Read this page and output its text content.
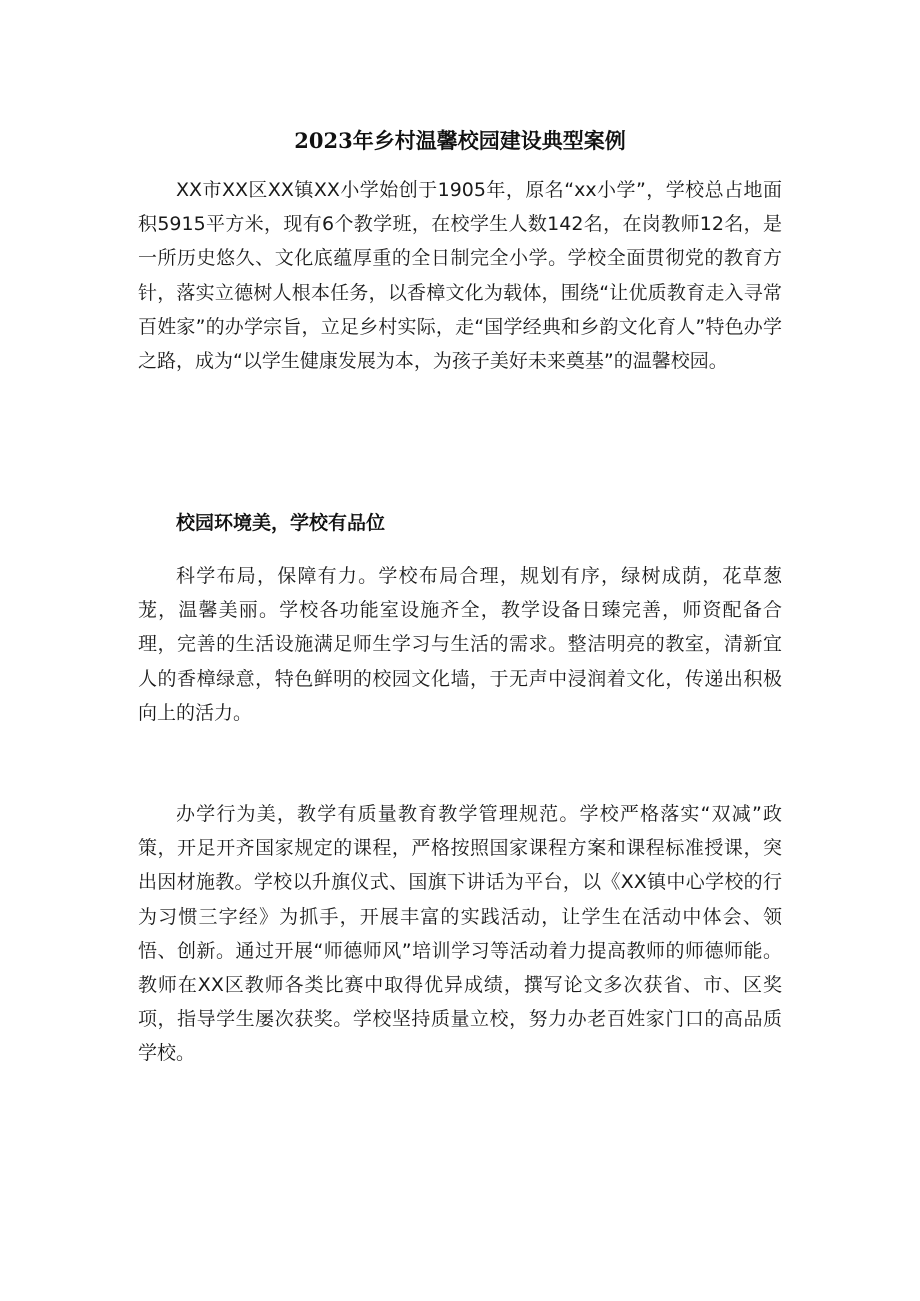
2023年乡村温馨校园建设典型案例

XX市XX区XX镇XX小学始创于1905年，原名“xx小学”，学校总占地面积5915平方米，现有6个教学班，在校学生人数142名，在岗教师12名，是一所历史悠久、文化底蕴厚重的全日制完全小学。学校全面贯彻党的教育方针，落实立德树人根本任务，以香樟文化为载体，围绕“让优质教育走入寻常百姓家”的办学宗旨，立足乡村实际，走“国学经典和乡韵文化育人”特色办学之路，成为“以学生健康发展为本，为孩子美好未来奠基”的温馨校园。

校园环境美，学校有品位

科学布局，保障有力。学校布局合理，规划有序，绿树成荫，花草葱茏，温馨美丽。学校各功能室设施齐全，教学设备日臻完善，师资配备合理，完善的生活设施满足师生学习与生活的需求。整洁明亮的教室，清新宜人的香樟绿意，特色鲜明的校园文化墙，于无声中浸润着文化，传递出积极向上的活力。

办学行为美，教学有质量教育教学管理规范。学校严格落实“双减”政策，开足开齐国家规定的课程，严格按照国家课程方案和课程标准授课，突出因材施教。学校以升旗仪式、国旗下讲话为平台，以《XX镇中心学校的行为习惯三字经》为抓手，开展丰富的实践活动，让学生在活动中体会、领悟、创新。通过开展“师德师风”培训学习等活动着力提高教师的师德师能。教师在XX区教师各类比赛中取得优异成绩，撰写论文多次获省、市、区奖项，指导学生屡次获奖。学校坚持质量立校，努力办老百姓家门口的高品质学校。
